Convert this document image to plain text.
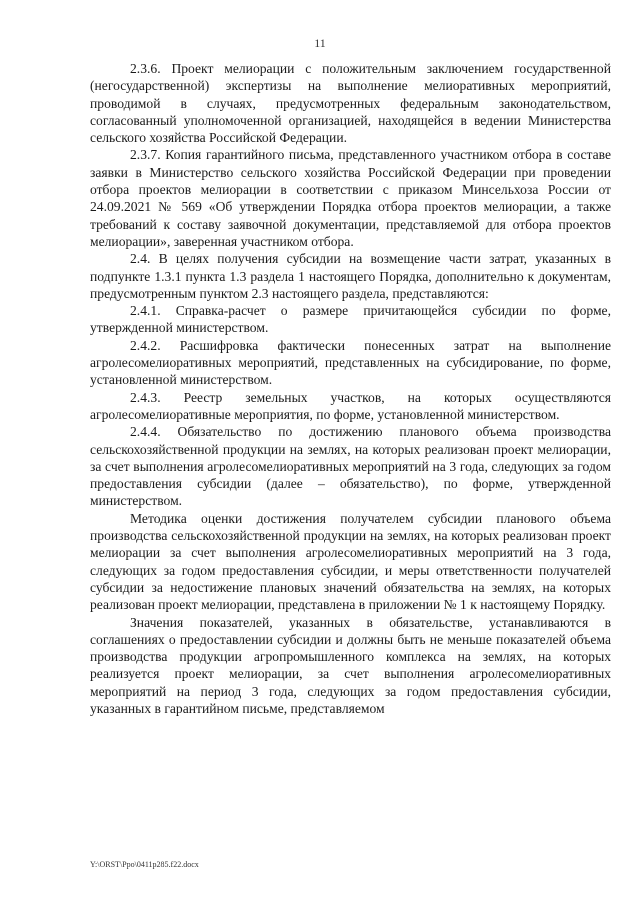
11

2.3.6. Проект мелиорации с положительным заключением государственной (негосударственной) экспертизы на выполнение мелиоративных мероприятий, проводимой в случаях, предусмотренных федеральным законодательством, согласованный уполномоченной организацией, находящейся в ведении Министерства сельского хозяйства Российской Федерации.

2.3.7. Копия гарантийного письма, представленного участником отбора в составе заявки в Министерство сельского хозяйства Российской Федерации при проведении отбора проектов мелиорации в соответствии с приказом Минсельхоза России от 24.09.2021 № 569 «Об утверждении Порядка отбора проектов мелиорации, а также требований к составу заявочной документации, представляемой для отбора проектов мелиорации», заверенная участником отбора.

2.4. В целях получения субсидии на возмещение части затрат, указанных в подпункте 1.3.1 пункта 1.3 раздела 1 настоящего Порядка, дополнительно к документам, предусмотренным пунктом 2.3 настоящего раздела, представляются:

2.4.1. Справка-расчет о размере причитающейся субсидии по форме, утвержденной министерством.

2.4.2. Расшифровка фактически понесенных затрат на выполнение агролесомелиоративных мероприятий, представленных на субсидирование, по форме, установленной министерством.

2.4.3. Реестр земельных участков, на которых осуществляются агролесомелиоративные мероприятия, по форме, установленной министерством.

2.4.4. Обязательство по достижению планового объема производства сельскохозяйственной продукции на землях, на которых реализован проект мелиорации, за счет выполнения агролесомелиоративных мероприятий на 3 года, следующих за годом предоставления субсидии (далее – обязательство), по форме, утвержденной министерством.

Методика оценки достижения получателем субсидии планового объема производства сельскохозяйственной продукции на землях, на которых реализован проект мелиорации за счет выполнения агролесомелиоративных мероприятий на 3 года, следующих за годом предоставления субсидии, и меры ответственности получателей субсидии за недостижение плановых значений обязательства на землях, на которых реализован проект мелиорации, представлена в приложении № 1 к настоящему Порядку.

Значения показателей, указанных в обязательстве, устанавливаются в соглашениях о предоставлении субсидии и должны быть не меньше показателей объема производства продукции агропромышленного комплекса на землях, на которых реализуется проект мелиорации, за счет выполнения агролесомелиоративных мероприятий на период 3 года, следующих за годом предоставления субсидии, указанных в гарантийном письме, представляемом

Y:\ORST\Ppo\0411p285.f22.docx
